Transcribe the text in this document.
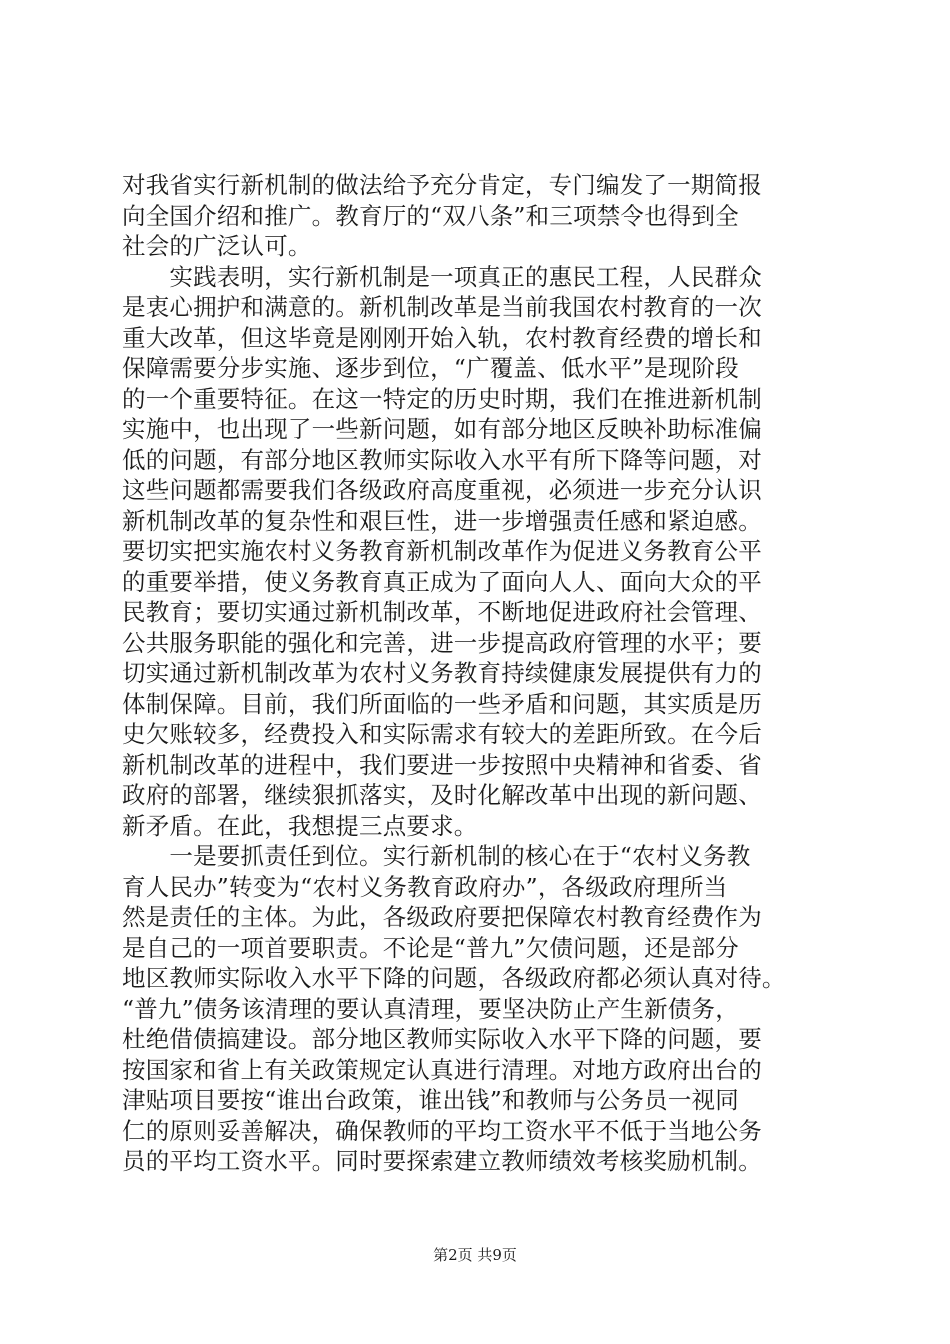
对我省实行新机制的做法给予充分肯定，专门编发了一期简报
向全国介绍和推广。教育厅的“双八条”和三项禁令也得到全
社会的广泛认可。
　　实践表明，实行新机制是一项真正的惠民工程，人民群众
是衷心拥护和满意的。新机制改革是当前我国农村教育的一次
重大改革，但这毕竟是刚刚开始入轨，农村教育经费的增长和
保障需要分步实施、逐步到位，“广覆盖、低水平”是现阶段
的一个重要特征。在这一特定的历史时期，我们在推进新机制
实施中，也出现了一些新问题，如有部分地区反映补助标准偏
低的问题，有部分地区教师实际收入水平有所下降等问题，对
这些问题都需要我们各级政府高度重视，必须进一步充分认识
新机制改革的复杂性和艰巨性，进一步增强责任感和紧迫感。
要切实把实施农村义务教育新机制改革作为促进义务教育公平
的重要举措，使义务教育真正成为了面向人人、面向大众的平
民教育；要切实通过新机制改革，不断地促进政府社会管理、
公共服务职能的强化和完善，进一步提高政府管理的水平；要
切实通过新机制改革为农村义务教育持续健康发展提供有力的
体制保障。目前，我们所面临的一些矛盾和问题，其实质是历
史欠账较多，经费投入和实际需求有较大的差距所致。在今后
新机制改革的进程中，我们要进一步按照中央精神和省委、省
政府的部署，继续狠抓落实，及时化解改革中出现的新问题、
新矛盾。在此，我想提三点要求。
　　一是要抓责任到位。实行新机制的核心在于“农村义务教
育人民办”转变为“农村义务教育政府办”，各级政府理所当
然是责任的主体。为此，各级政府要把保障农村教育经费作为
是自己的一项首要职责。不论是“普九”欠债问题，还是部分
地区教师实际收入水平下降的问题，各级政府都必须认真对待。
“普九”债务该清理的要认真清理，要坚决防止产生新债务，
杜绝借债搞建设。部分地区教师实际收入水平下降的问题，要
按国家和省上有关政策规定认真进行清理。对地方政府出台的
津贴项目要按“谁出台政策，谁出钱”和教师与公务员一视同
仁的原则妥善解决，确保教师的平均工资水平不低于当地公务
员的平均工资水平。同时要探索建立教师绩效考核奖励机制。
第2页 共9页
